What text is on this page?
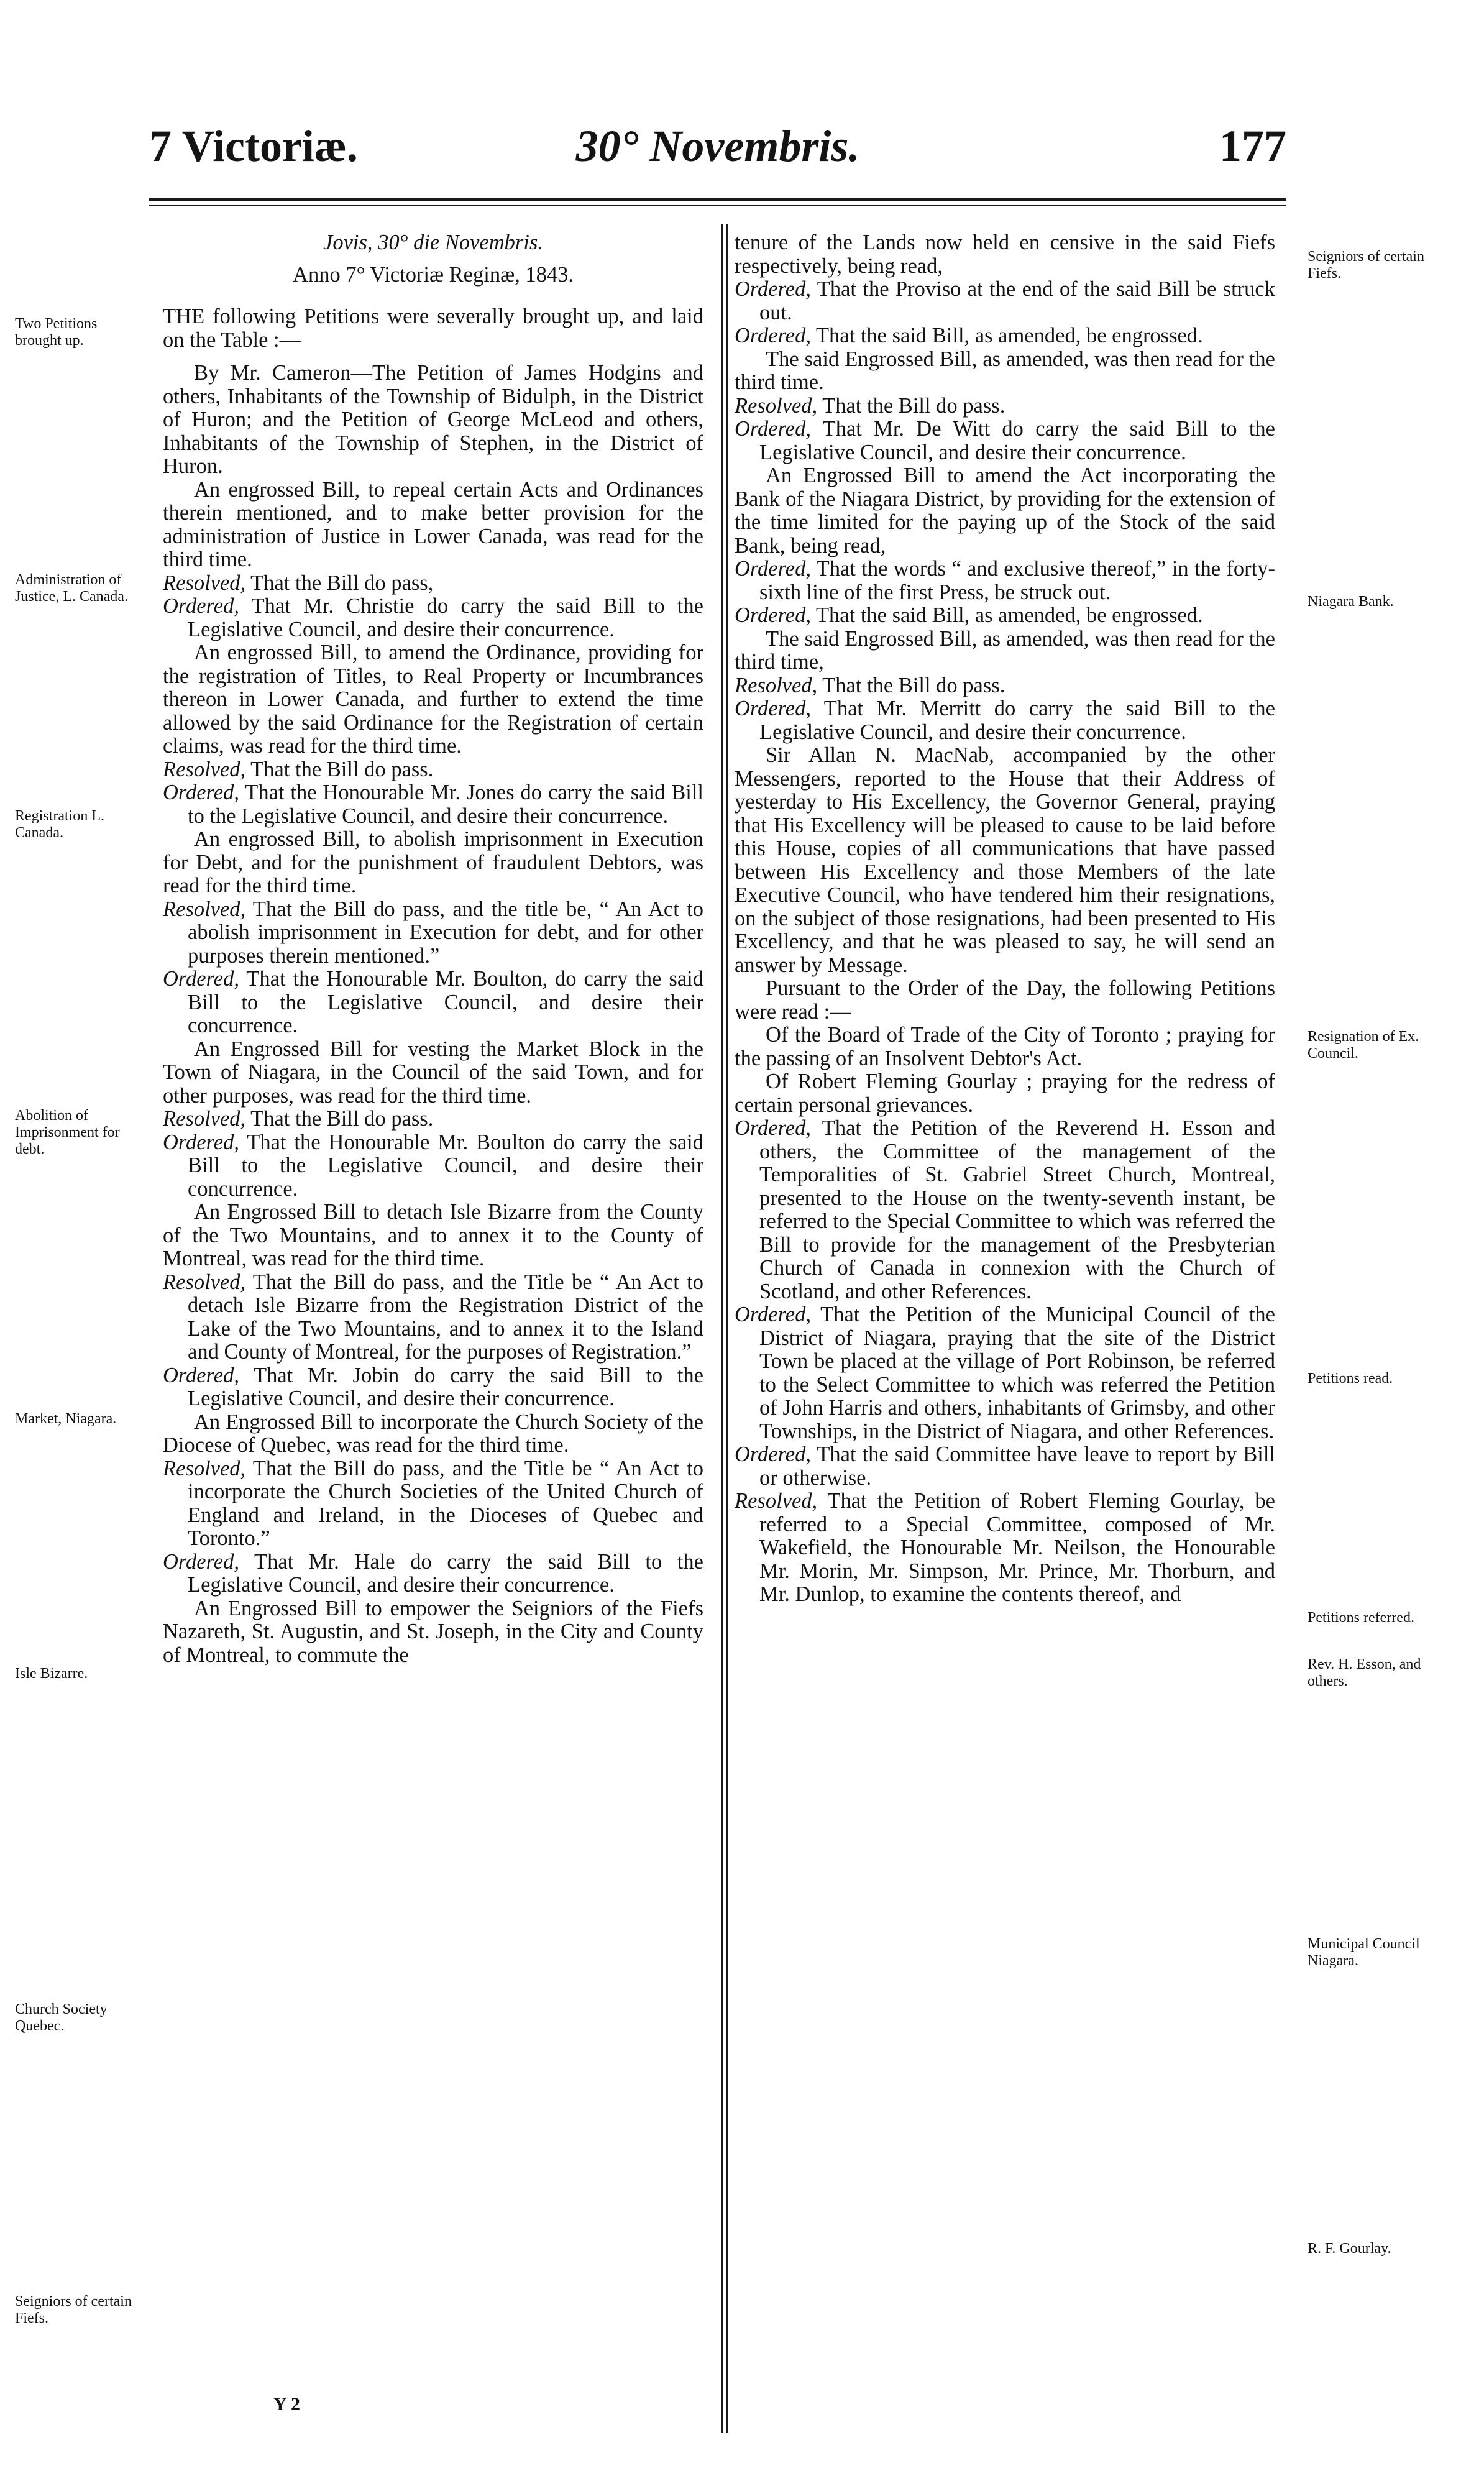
7 Victoriæ.	30° Novembris.	177
Two Petitions brought up.
Administration of Justice, L. Canada.
Registration L. Canada.
Abolition of Imprisonment for debt.
Market, Niagara.
Isle Bizarre.
Church Society Quebec.
Seigniors of certain Fiefs.
Seigniors of certain Fiefs.
Niagara Bank.
Resignation of Ex. Council.
Petitions read.
Petitions referred.
Rev. H. Esson, and others.
Municipal Council Niagara.
R. F. Gourlay.

Jovis, 30° die Novembris.

Anno 7° Victoriæ Reginæ, 1843.

THE following Petitions were severally brought up, and laid on the Table :—

By Mr. Cameron—The Petition of James Hodgins and others, Inhabitants of the Township of Bidulph, in the District of Huron; and the Petition of George McLeod and others, Inhabitants of the Township of Stephen, in the District of Huron.

An engrossed Bill, to repeal certain Acts and Ordinances therein mentioned, and to make better provision for the administration of Justice in Lower Canada, was read for the third time.

Resolved, That the Bill do pass,

Ordered, That Mr. Christie do carry the said Bill to the Legislative Council, and desire their concurrence.

An engrossed Bill, to amend the Ordinance, providing for the registration of Titles, to Real Property or Incumbrances thereon in Lower Canada, and further to extend the time allowed by the said Ordinance for the Registration of certain claims, was read for the third time.

Resolved, That the Bill do pass.

Ordered, That the Honourable Mr. Jones do carry the said Bill to the Legislative Council, and desire their concurrence.

An engrossed Bill, to abolish imprisonment in Execution for Debt, and for the punishment of fraudulent Debtors, was read for the third time.

Resolved, That the Bill do pass, and the title be, “ An Act to abolish imprisonment in Execution for debt, and for other purposes therein mentioned.”

Ordered, That the Honourable Mr. Boulton, do carry the said Bill to the Legislative Council, and desire their concurrence.

An Engrossed Bill for vesting the Market Block in the Town of Niagara, in the Council of the said Town, and for other purposes, was read for the third time.

Resolved, That the Bill do pass.

Ordered, That the Honourable Mr. Boulton do carry the said Bill to the Legislative Council, and desire their concurrence.

An Engrossed Bill to detach Isle Bizarre from the County of the Two Mountains, and to annex it to the County of Montreal, was read for the third time.

Resolved, That the Bill do pass, and the Title be “ An Act to detach Isle Bizarre from the Registration District of the Lake of the Two Mountains, and to annex it to the Island and County of Montreal, for the purposes of Registration.”

Ordered, That Mr. Jobin do carry the said Bill to the Legislative Council, and desire their concurrence.

An Engrossed Bill to incorporate the Church Society of the Diocese of Quebec, was read for the third time.

Resolved, That the Bill do pass, and the Title be “ An Act to incorporate the Church Societies of the United Church of England and Ireland, in the Dioceses of Quebec and Toronto.”

Ordered, That Mr. Hale do carry the said Bill to the Legislative Council, and desire their concurrence.

An Engrossed Bill to empower the Seigniors of the Fiefs Nazareth, St. Augustin, and St. Joseph, in the City and County of Montreal, to commute the

tenure of the Lands now held en censive in the said Fiefs respectively, being read,

Ordered, That the Proviso at the end of the said Bill be struck out.

Ordered, That the said Bill, as amended, be engrossed.

The said Engrossed Bill, as amended, was then read for the third time.

Resolved, That the Bill do pass.

Ordered, That Mr. De Witt do carry the said Bill to the Legislative Council, and desire their concurrence.

An Engrossed Bill to amend the Act incorporating the Bank of the Niagara District, by providing for the extension of the time limited for the paying up of the Stock of the said Bank, being read,

Ordered, That the words “ and exclusive thereof,” in the forty-sixth line of the first Press, be struck out.

Ordered, That the said Bill, as amended, be engrossed.

The said Engrossed Bill, as amended, was then read for the third time,

Resolved, That the Bill do pass.

Ordered, That Mr. Merritt do carry the said Bill to the Legislative Council, and desire their concurrence.

Sir Allan N. MacNab, accompanied by the other Messengers, reported to the House that their Address of yesterday to His Excellency, the Governor General, praying that His Excellency will be pleased to cause to be laid before this House, copies of all communications that have passed between His Excellency and those Members of the late Executive Council, who have tendered him their resignations, on the subject of those resignations, had been presented to His Excellency, and that he was pleased to say, he will send an answer by Message.

Pursuant to the Order of the Day, the following Petitions were read :—

Of the Board of Trade of the City of Toronto ; praying for the passing of an Insolvent Debtor's Act.

Of Robert Fleming Gourlay ; praying for the redress of certain personal grievances.

Ordered, That the Petition of the Reverend H. Esson and others, the Committee of the management of the Temporalities of St. Gabriel Street Church, Montreal, presented to the House on the twenty-seventh instant, be referred to the Special Committee to which was referred the Bill to provide for the management of the Presbyterian Church of Canada in connexion with the Church of Scotland, and other References.

Ordered, That the Petition of the Municipal Council of the District of Niagara, praying that the site of the District Town be placed at the village of Port Robinson, be referred to the Select Committee to which was referred the Petition of John Harris and others, inhabitants of Grimsby, and other Townships, in the District of Niagara, and other References.

Ordered, That the said Committee have leave to report by Bill or otherwise.

Resolved, That the Petition of Robert Fleming Gourlay, be referred to a Special Committee, composed of Mr. Wakefield, the Honourable Mr. Neilson, the Honourable Mr. Morin, Mr. Simpson, Mr. Prince, Mr. Thorburn, and Mr. Dunlop, to examine the contents thereof, and

Y 2
